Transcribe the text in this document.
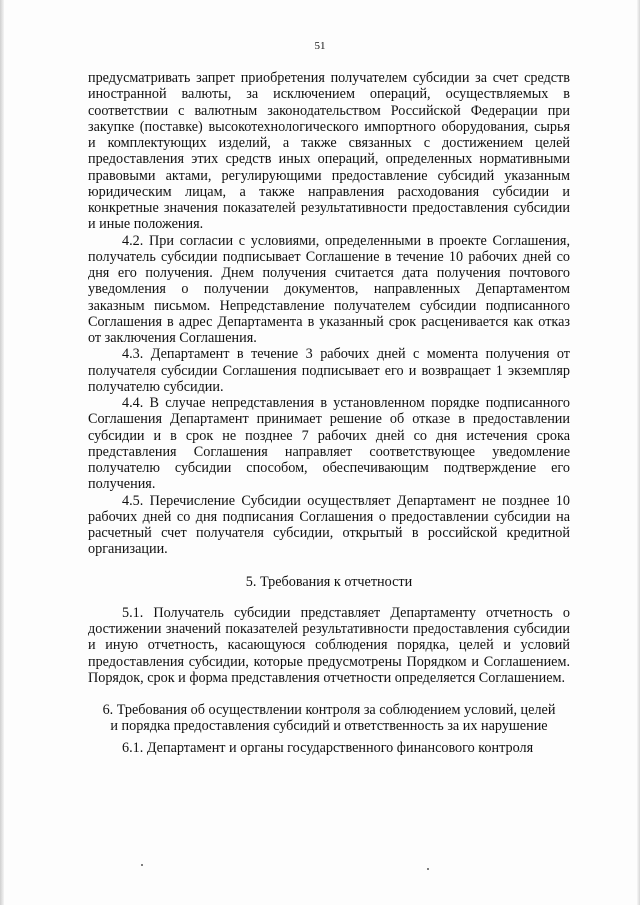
51

предусматривать запрет приобретения получателем субсидии за счет средств иностранной валюты, за исключением операций, осуществляемых в соответствии с валютным законодательством Российской Федерации при закупке (поставке) высокотехнологического импортного оборудования, сырья и комплектующих изделий, а также связанных с достижением целей предоставления этих средств иных операций, определенных нормативными правовыми актами, регулирующими предоставление субсидий указанным юридическим лицам, а также направления расходования субсидии и конкретные значения показателей результативности предоставления субсидии и иные положения.

4.2. При согласии с условиями, определенными в проекте Соглашения, получатель субсидии подписывает Соглашение в течение 10 рабочих дней со дня его получения. Днем получения считается дата получения почтового уведомления о получении документов, направленных Департаментом заказным письмом. Непредставление получателем субсидии подписанного Соглашения в адрес Департамента в указанный срок расценивается как отказ от заключения Соглашения.

4.3. Департамент в течение 3 рабочих дней с момента получения от получателя субсидии Соглашения подписывает его и возвращает 1 экземпляр получателю субсидии.

4.4. В случае непредставления в установленном порядке подписанного Соглашения Департамент принимает решение об отказе в предоставлении субсидии и в срок не позднее 7 рабочих дней со дня истечения срока представления Соглашения направляет соответствующее уведомление получателю субсидии способом, обеспечивающим подтверждение его получения.

4.5. Перечисление Субсидии осуществляет Департамент не позднее 10 рабочих дней со дня подписания Соглашения о предоставлении субсидии на расчетный счет получателя субсидии, открытый в российской кредитной организации.

5. Требования к отчетности

5.1. Получатель субсидии представляет Департаменту отчетность о достижении значений показателей результативности предоставления субсидии и иную отчетность, касающуюся соблюдения порядка, целей и условий предоставления субсидии, которые предусмотрены Порядком и Соглашением. Порядок, срок и форма представления отчетности определяется Соглашением.

6. Требования об осуществлении контроля за соблюдением условий, целей

и порядка предоставления субсидий и ответственность за их нарушение

6.1. Департамент и органы государственного финансового контроля
